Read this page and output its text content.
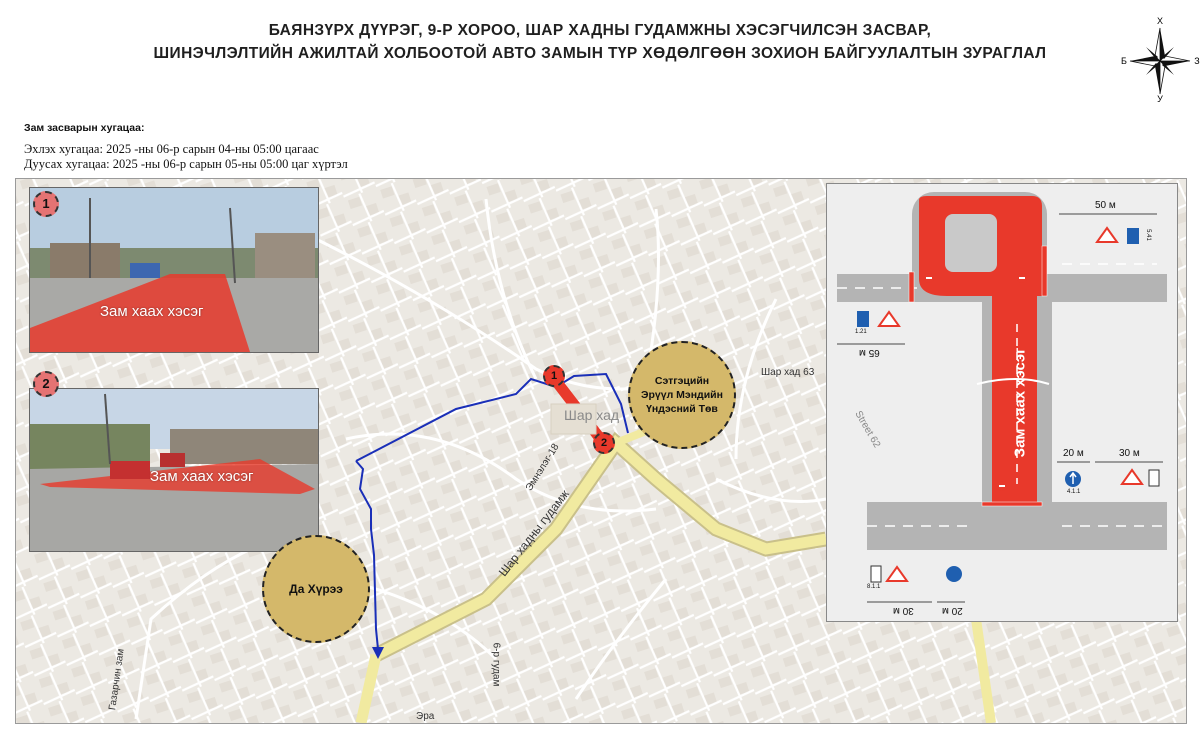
БАЯНЗҮРХ ДҮҮРЭГ, 9-Р ХОРОО, ШАР ХАДНЫ ГУДАМЖНЫ ХЭСЭГЧИЛСЭН ЗАСВАР,
ШИНЭЧЛЭЛТИЙН АЖИЛТАЙ ХОЛБООТОЙ АВТО ЗАМЫН ТҮР ХӨДӨЛГӨӨН ЗОХИОН БАЙГУУЛАЛТЫН ЗУРАГЛАЛ
Х
У
Б	З
Зам засварын хугацаа:
Эхлэх хугацаа: 2025 -ны 06-р сарын 04-ны 05:00 цагаас
Дуусах хугацаа: 2025 -ны 06-р сарын 05-ны 05:00 цаг хүртэл
Зам хаах хэсэг
1
Зам хаах хэсэг
2	Сэтгэцийн
Эрүүл Мэндийн
Үндэсний Төв
Да Хүрээ
1
2
Шар хадны гудамж
Шар хад 63
Эмнэлэг-18
6-р гудам
Газарчин зам
Шар хад
Эра
Зам хаах хэсэг
Street 62
50 м
65 м
20 м	30 м
30 м	20 м
5.41
1.21
4.1.1
8.1.1
